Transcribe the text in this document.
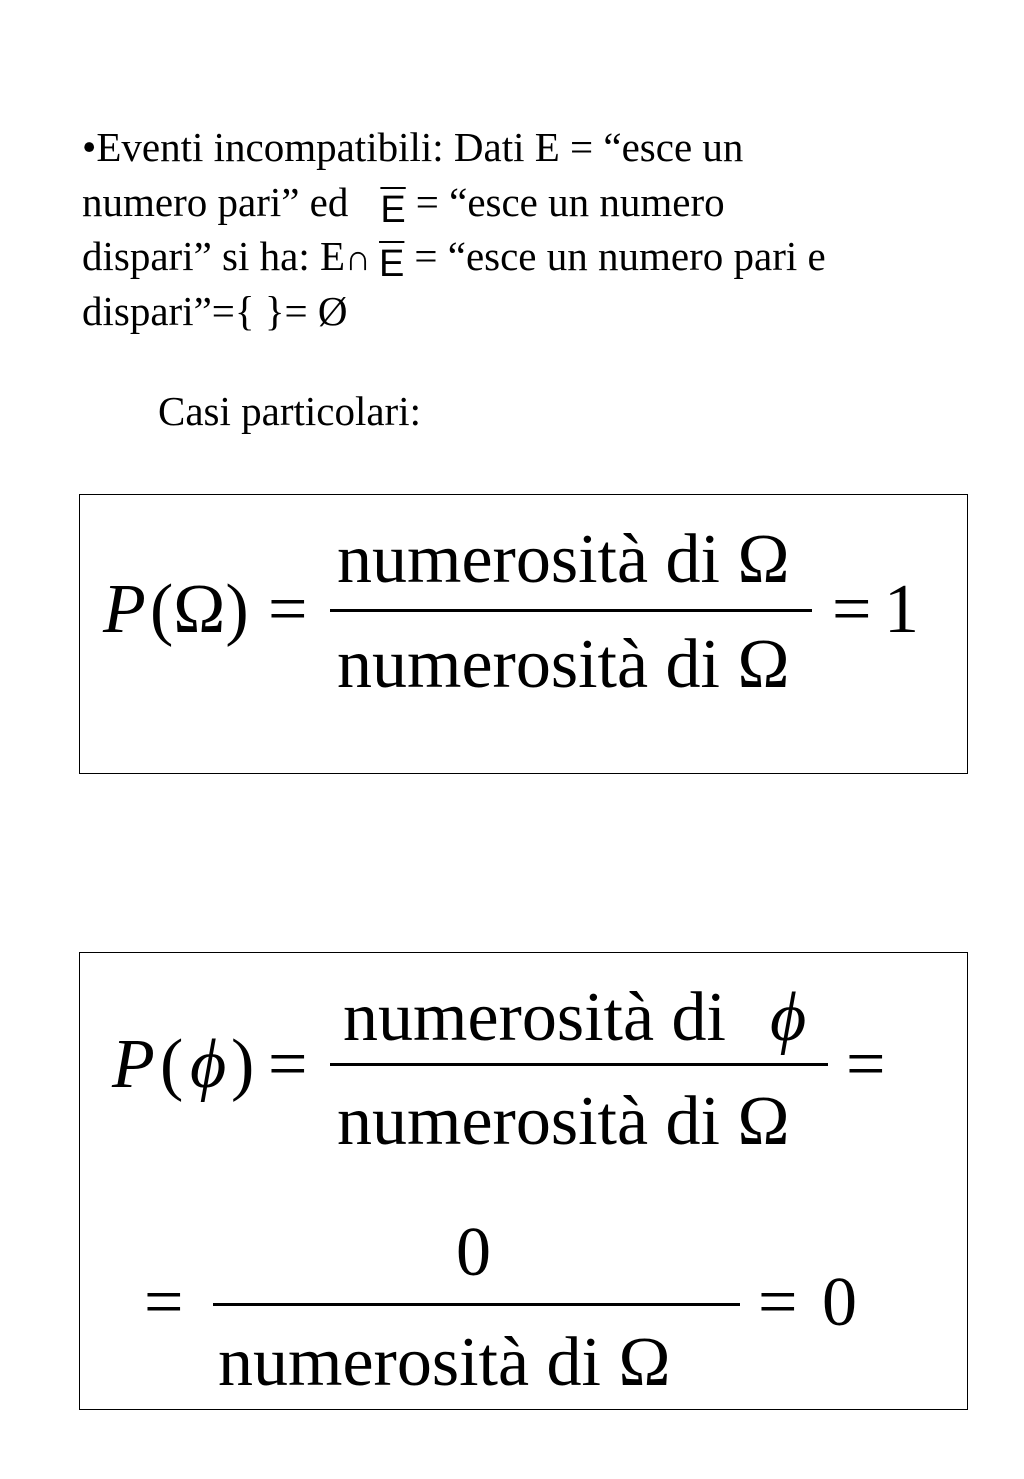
•Eventi incompatibili: Dati E = “esce un
numero pari” ed $\overline{E}$ = “esce un numero
dispari” si ha: E∩ $\overline{E}$ = “esce un numero pari e
dispari”={ }= Ø
Casi particolari:
P (Ω) =
numerosità di Ω
numerosità di Ω
= 1
P ( ϕ ) =
numerosità di ϕ
numerosità di Ω
=
=
0
numerosità di Ω
= 0
